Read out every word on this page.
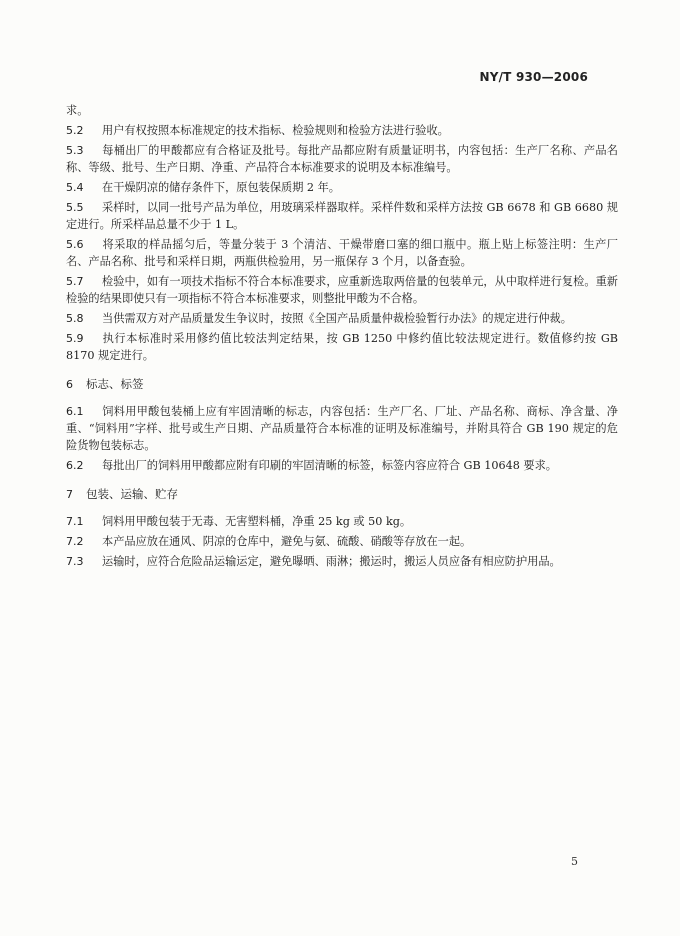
NY/T 930—2006
求。

5.2 用户有权按照本标准规定的技术指标、检验规则和检验方法进行验收。

5.3 每桶出厂的甲酸都应有合格证及批号。每批产品都应附有质量证明书，内容包括：生产厂名称、产品名称、等级、批号、生产日期、净重、产品符合本标准要求的说明及本标准编号。

5.4 在干燥阴凉的储存条件下，原包装保质期 2 年。

5.5 采样时，以同一批号产品为单位，用玻璃采样器取样。采样件数和采样方法按 GB 6678 和 GB 6680 规定进行。所采样品总量不少于 1 L。

5.6 将采取的样品摇匀后，等量分装于 3 个清洁、干燥带磨口塞的细口瓶中。瓶上贴上标签注明：生产厂名、产品名称、批号和采样日期，两瓶供检验用，另一瓶保存 3 个月，以备查验。

5.7 检验中，如有一项技术指标不符合本标准要求，应重新选取两倍量的包装单元，从中取样进行复检。重新检验的结果即使只有一项指标不符合本标准要求，则整批甲酸为不合格。

5.8 当供需双方对产品质量发生争议时，按照《全国产品质量仲裁检验暂行办法》的规定进行仲裁。

5.9 执行本标准时采用修约值比较法判定结果，按 GB 1250 中修约值比较法规定进行。数值修约按 GB 8170 规定进行。

6 标志、标签

6.1 饲料用甲酸包装桶上应有牢固清晰的标志，内容包括：生产厂名、厂址、产品名称、商标、净含量、净重、“饲料用”字样、批号或生产日期、产品质量符合本标准的证明及标准编号，并附具符合 GB 190 规定的危险货物包装标志。

6.2 每批出厂的饲料用甲酸都应附有印刷的牢固清晰的标签，标签内容应符合 GB 10648 要求。

7 包装、运输、贮存

7.1 饲料用甲酸包装于无毒、无害塑料桶，净重 25 kg 或 50 kg。

7.2 本产品应放在通风、阴凉的仓库中，避免与氨、硫酸、硝酸等存放在一起。

7.3 运输时，应符合危险品运输运定，避免曝晒、雨淋；搬运时，搬运人员应备有相应防护用品。

5
